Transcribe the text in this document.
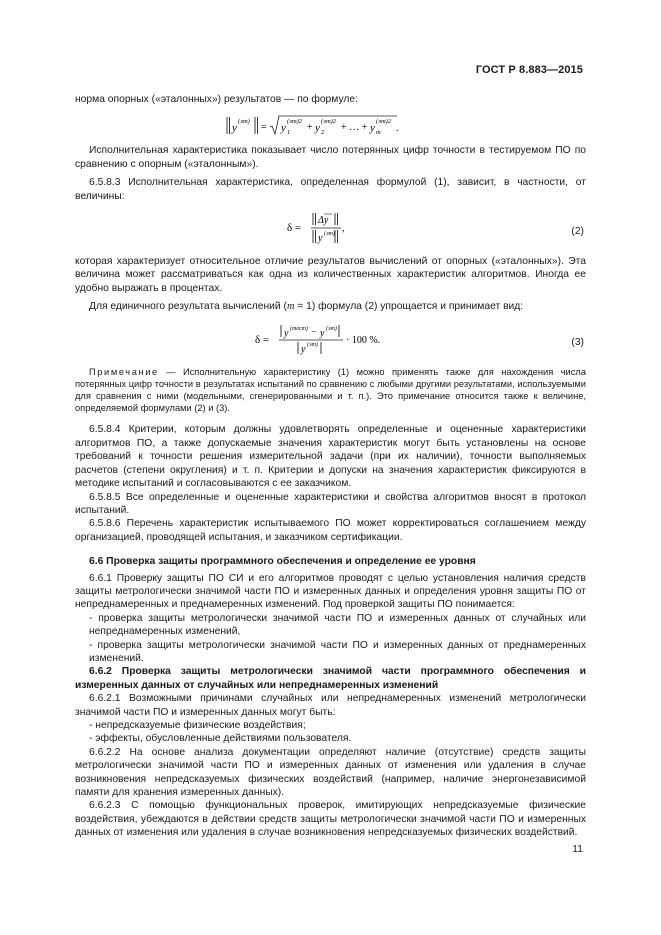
ГОСТ Р 8.883—2015

норма опорных («эталонных») результатов — по формуле:

y
(эт)
= y 1
(эт)2
+ y 2
(эт)2
+ … + y m
(эт)2
.

Исполнительная характеристика показывает число потерянных цифр точности в тестируемом ПО по сравнению с опорным («эталонным»).

6.5.8.3 Исполнительная характеристика, определенная формулой (1), зависит, в частности, от величины:

δ =
Δy
y (эт) ,	(2)

которая характеризует относительное отличие результатов вычислений от опорных («эталонных»). Эта величина может рассматриваться как одна из количественных характеристик алгоритмов. Иногда ее удобно выражать в процентах.

Для единичного результата вычислений (m = 1) формула (2) упрощается и принимает вид:

δ =
y (тест) − y (эт)
y (эт)	· 100 %.	(3)

Примечание — Исполнительную характеристику (1) можно применять также для нахождения числа потерянных цифр точности в результатах испытаний по сравнению с любыми другими результатами, используемыми для сравнения с ними (модельными, сгенерированными и т. п.). Это примечание относится также к величине, определяемой формулами (2) и (3).

6.5.8.4 Критерии, которым должны удовлетворять определенные и оцененные характеристики алгоритмов ПО, а также допускаемые значения характеристик могут быть установлены на основе требований к точности решения измерительной задачи (при их наличии), точности выполняемых расчетов (степени округления) и т. п. Критерии и допуски на значения характеристик фиксируются в методике испытаний и согласовываются с ее заказчиком.

6.5.8.5 Все определенные и оцененные характеристики и свойства алгоритмов вносят в протокол испытаний.

6.5.8.6 Перечень характеристик испытываемого ПО может корректироваться соглашением между организацией, проводящей испытания, и заказчиком сертификации.

6.6 Проверка защиты программного обеспечения и определение ее уровня

6.6.1 Проверку защиты ПО СИ и его алгоритмов проводят с целью установления наличия средств защиты метрологически значимой части ПО и измеренных данных и определения уровня защиты ПО от непреднамеренных и преднамеренных изменений. Под проверкой защиты ПО понимается:

- проверка защиты метрологически значимой части ПО и измеренных данных от случайных или непреднамеренных изменений,

- проверка защиты метрологически значимой части ПО и измеренных данных от преднамеренных изменений.

6.6.2 Проверка защиты метрологически значимой части программного обеспечения и измеренных данных от случайных или непреднамеренных изменений

6.6.2.1 Возможными причинами случайных или непреднамеренных изменений метрологически значимой части ПО и измеренных данных могут быть:

- непредсказуемые физические воздействия;

- эффекты, обусловленные действиями пользователя.

6.6.2.2 На основе анализа документации определяют наличие (отсутствие) средств защиты метрологически значимой части ПО и измеренных данных от изменения или удаления в случае возникновения непредсказуемых физических воздействий (например, наличие энергонезависимой памяти для хранения измеренных данных).

6.6.2.3 С помощью функциональных проверок, имитирующих непредсказуемые физические воздействия, убеждаются в действии средств защиты метрологически значимой части ПО и измеренных данных от изменения или удаления в случае возникновения непредсказуемых физических воздействий.

11
